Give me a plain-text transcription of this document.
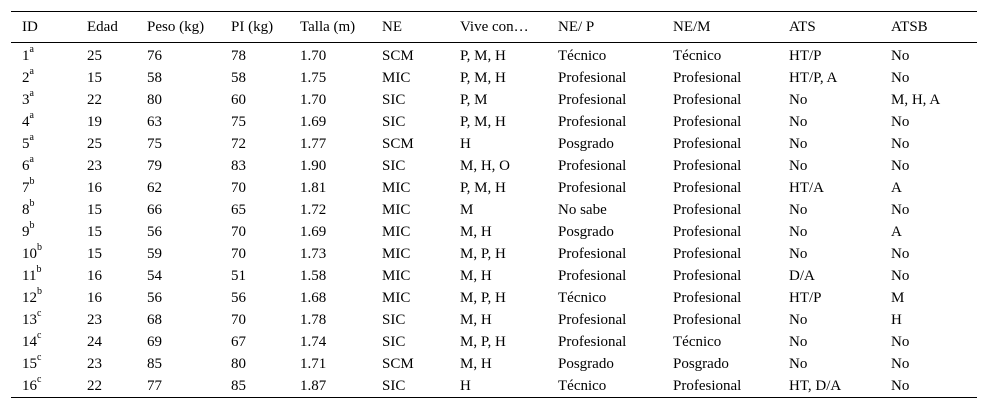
ID	Edad	Peso (kg)	PI (kg)	Talla (m)	NE	Vive con…	NE/ P	NE/M	ATS	ATSB
1$^a$	25	76	78	1.70	SCM	P, M, H	Técnico	Técnico	HT/P	No
2$^a$	15	58	58	1.75	MIC	P, M, H	Profesional	Profesional	HT/P, A	No
3$^a$	22	80	60	1.70	SIC	P, M	Profesional	Profesional	No	M, H, A
4$^a$	19	63	75	1.69	SIC	P, M, H	Profesional	Profesional	No	No
5$^a$	25	75	72	1.77	SCM	H	Posgrado	Profesional	No	No
6$^a$	23	79	83	1.90	SIC	M, H, O	Profesional	Profesional	No	No
7$^b$	16	62	70	1.81	MIC	P, M, H	Profesional	Profesional	HT/A	A
8$^b$	15	66	65	1.72	MIC	M	No sabe	Profesional	No	No
9$^b$	15	56	70	1.69	MIC	M, H	Posgrado	Profesional	No	A
10$^b$	15	59	70	1.73	MIC	M, P, H	Profesional	Profesional	No	No
11$^b$	16	54	51	1.58	MIC	M, H	Profesional	Profesional	D/A	No
12$^b$	16	56	56	1.68	MIC	M, P, H	Técnico	Profesional	HT/P	M
13$^c$	23	68	70	1.78	SIC	M, H	Profesional	Profesional	No	H
14$^c$	24	69	67	1.74	SIC	M, P, H	Profesional	Técnico	No	No
15$^c$	23	85	80	1.71	SCM	M, H	Posgrado	Posgrado	No	No
16$^c$	22	77	85	1.87	SIC	H	Técnico	Profesional	HT, D/A	No
